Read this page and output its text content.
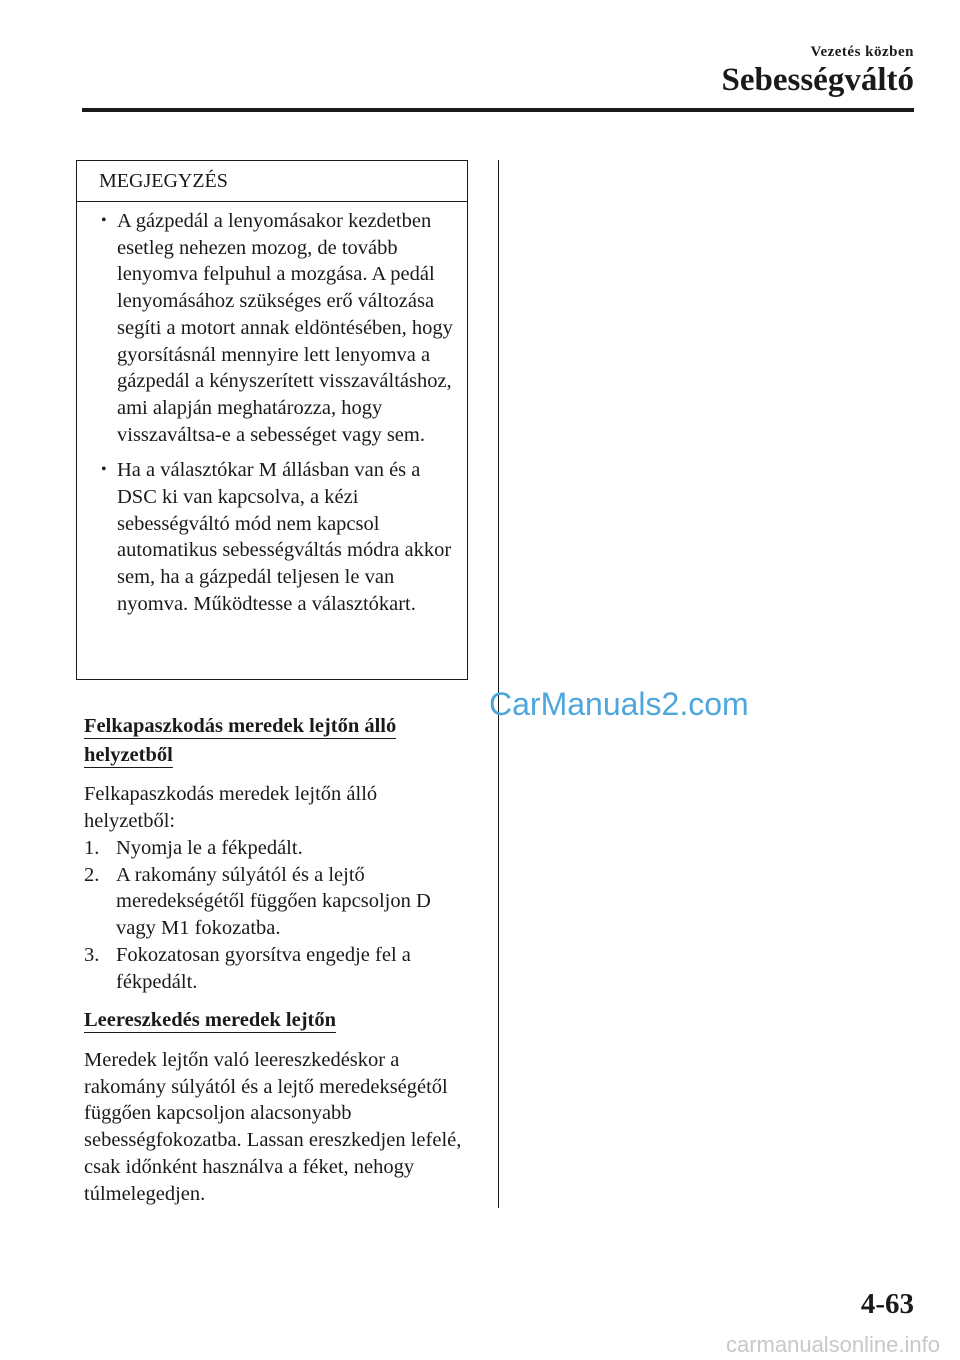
Vezetés közben
Sebességváltó
MEGJEGYZÉS
• A gázpedál a lenyomásakor kezdetben esetleg nehezen mozog, de tovább lenyomva felpuhul a mozgása. A pedál lenyomásához szükséges erő változása segíti a motort annak eldöntésében, hogy gyorsításnál mennyire lett lenyomva a gázpedál a kényszerített visszaváltáshoz, ami alapján meghatározza, hogy visszaváltsa-e a sebességet vagy sem.
• Ha a választókar M állásban van és a DSC ki van kapcsolva, a kézi sebességváltó mód nem kapcsol automatikus sebességváltás módra akkor sem, ha a gázpedál teljesen le van nyomva. Működtesse a választókart.
Felkapaszkodás meredek lejtőn álló
helyzetből
Felkapaszkodás meredek lejtőn álló helyzetből:
1. Nyomja le a fékpedált.
2. A rakomány súlyától és a lejtő meredekségétől függően kapcsoljon D vagy M1 fokozatba.
3. Fokozatosan gyorsítva engedje fel a fékpedált.
Leereszkedés meredek lejtőn
Meredek lejtőn való leereszkedéskor a rakomány súlyától és a lejtő meredekségétől függően kapcsoljon alacsonyabb sebességfokozatba. Lassan ereszkedjen lefelé, csak időnként használva a féket, nehogy túlmelegedjen.
CarManuals2.com
4-63
carmanualsonline.info
